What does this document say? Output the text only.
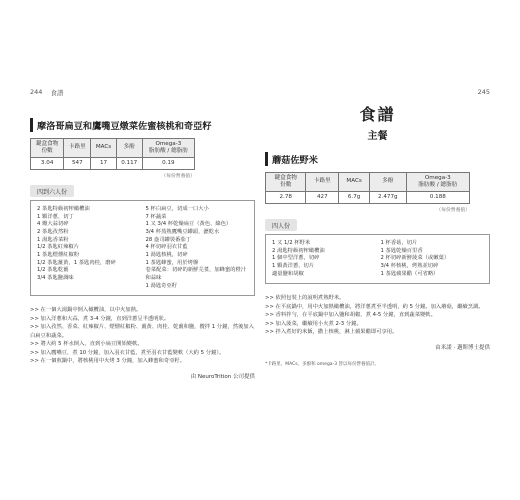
244 食譜
摩洛哥扁豆和鷹嘴豆燉菜佐蜜核桃和奇亞籽
鍵盒食物
份數	卡路里	MACs	多酚	Omega-3
脂肪酸 / 總脂肪
3.04	547	17	0.117	0.19
（每份營養值）
四到六人份
2 茶匙特級初榨橄欖油
1 顆洋蔥，切丁
4 瓣大蒜切碎
2 茶匙孜然粉
1 湯匙香菜粉
1/2 茶匙紅辣椒片
1 茶匙煙燻紅椒粉
1/2 茶匙薑黃，1 茶匙肉桂，磨碎
1/2 茶匙乾薑
3/4 茶匙鹽調味
5 杯白扁豆，切成一口大小
7 杯蔬菜
1 又 3/4 杯乾燥扁豆（黃色、綠色）
3/4 杯蒸熟鷹嘴豆罐頭，瀝乾水
28 盎司罐裝番茄丁
4 杯切碎羽衣甘藍
1 湯匙核桃，切碎
1 茶匙蜂蜜，用於烤盤
卷菜配菜：切碎的新鮮芫荽，加蜂蜜的橙汁和蒜味
1 湯匙奇亞籽

>> 在一個大湯鍋中倒入橄欖油，以中火加熱。

>> 加入洋蔥和大蒜，煮 3-4 分鐘，直到洋蔥呈半透明狀。

>> 加入孜然、香菜、紅辣椒片、煙燻紅椒粉、薑黃、肉桂、乾薑和鹽，攪拌 1 分鐘，然後加入白扁豆和蔬菜。

>> 將大約 5 杯水倒入，直到小扁豆開始變軟。

>> 加入鷹嘴豆，煮 10 分鐘，加入羽衣甘藍，煮至羽衣甘藍變軟（大約 5 分鐘）。

>> 在一個煎鍋中，將核桃用中火烤 3 分鐘，加入蜂蜜和奇亞籽。

由 NeuroTrition 公司提供
245
食譜
主餐
蘑菇佐野米
鍵盒食物
份數	卡路里	MACs	多酚	Omega-3
脂肪酸 / 總脂肪
2.78	427	6.7g	2.477g	0.188
（每份營養值）
四人份
1 又 1/2 杯野米
2 湯匙特級初榨橄欖油
1 個中型洋蔥，切碎
1 顆黃洋蔥，切片
適量鹽和胡椒
1 杯香菇，切片
1 茶匙乾燥百里香
2 杯切碎新鮮菠菜（或嫩葉）
3/4 杯核桃，烤熟並切碎
1 茶匙蘋果醋（可省略）

>> 依照包裝上的說明煮熟野米。

>> 在平底鍋中，用中火加熱橄欖油，將洋蔥煮至半透明，約 5 分鐘。加入蘑菇，繼續烹調。

>> 香料拌勻，在平底鍋中加入鹽和胡椒，煮 4-5 分鐘，直到蔬菜變軟。

>> 加入菠菜，繼續用小火煮 2-3 分鐘。

>> 拌入煮好的米飯，撒上核桃，淋上蘋果醋即可享用。

由米諾 · 邁斯博士提供
*卡路里、MACs、多酚和 omega-3 皆以每份營養值計。
